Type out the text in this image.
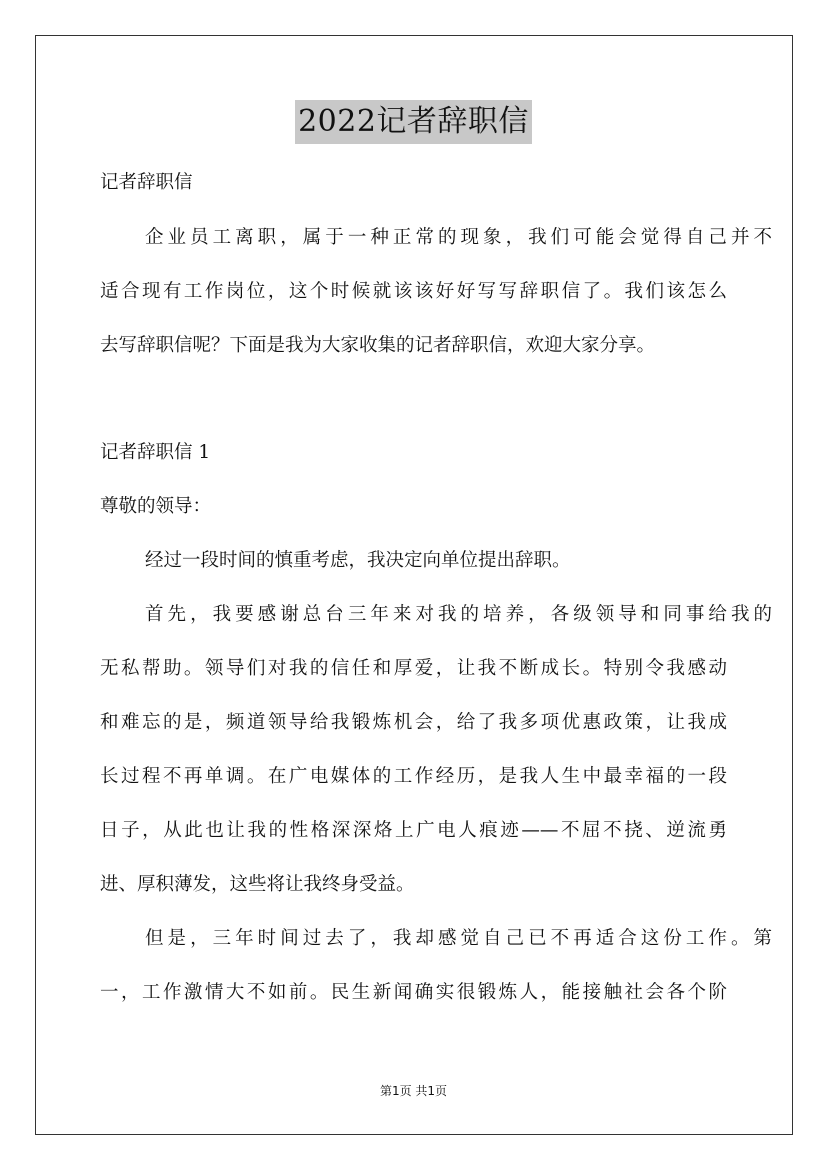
2022记者辞职信
记者辞职信
企业员工离职，属于一种正常的现象，我们可能会觉得自己并不
适合现有工作岗位，这个时候就该该好好写写辞职信了。我们该怎么
去写辞职信呢？下面是我为大家收集的记者辞职信，欢迎大家分享。
记者辞职信 1
尊敬的领导：
经过一段时间的慎重考虑，我决定向单位提出辞职。
首先，我要感谢总台三年来对我的培养，各级领导和同事给我的
无私帮助。领导们对我的信任和厚爱，让我不断成长。特别令我感动
和难忘的是，频道领导给我锻炼机会，给了我多项优惠政策，让我成
长过程不再单调。在广电媒体的工作经历，是我人生中最幸福的一段
日子，从此也让我的性格深深烙上广电人痕迹——不屈不挠、逆流勇
进、厚积薄发，这些将让我终身受益。
但是，三年时间过去了，我却感觉自己已不再适合这份工作。第
一，工作激情大不如前。民生新闻确实很锻炼人，能接触社会各个阶
第1页 共1页
